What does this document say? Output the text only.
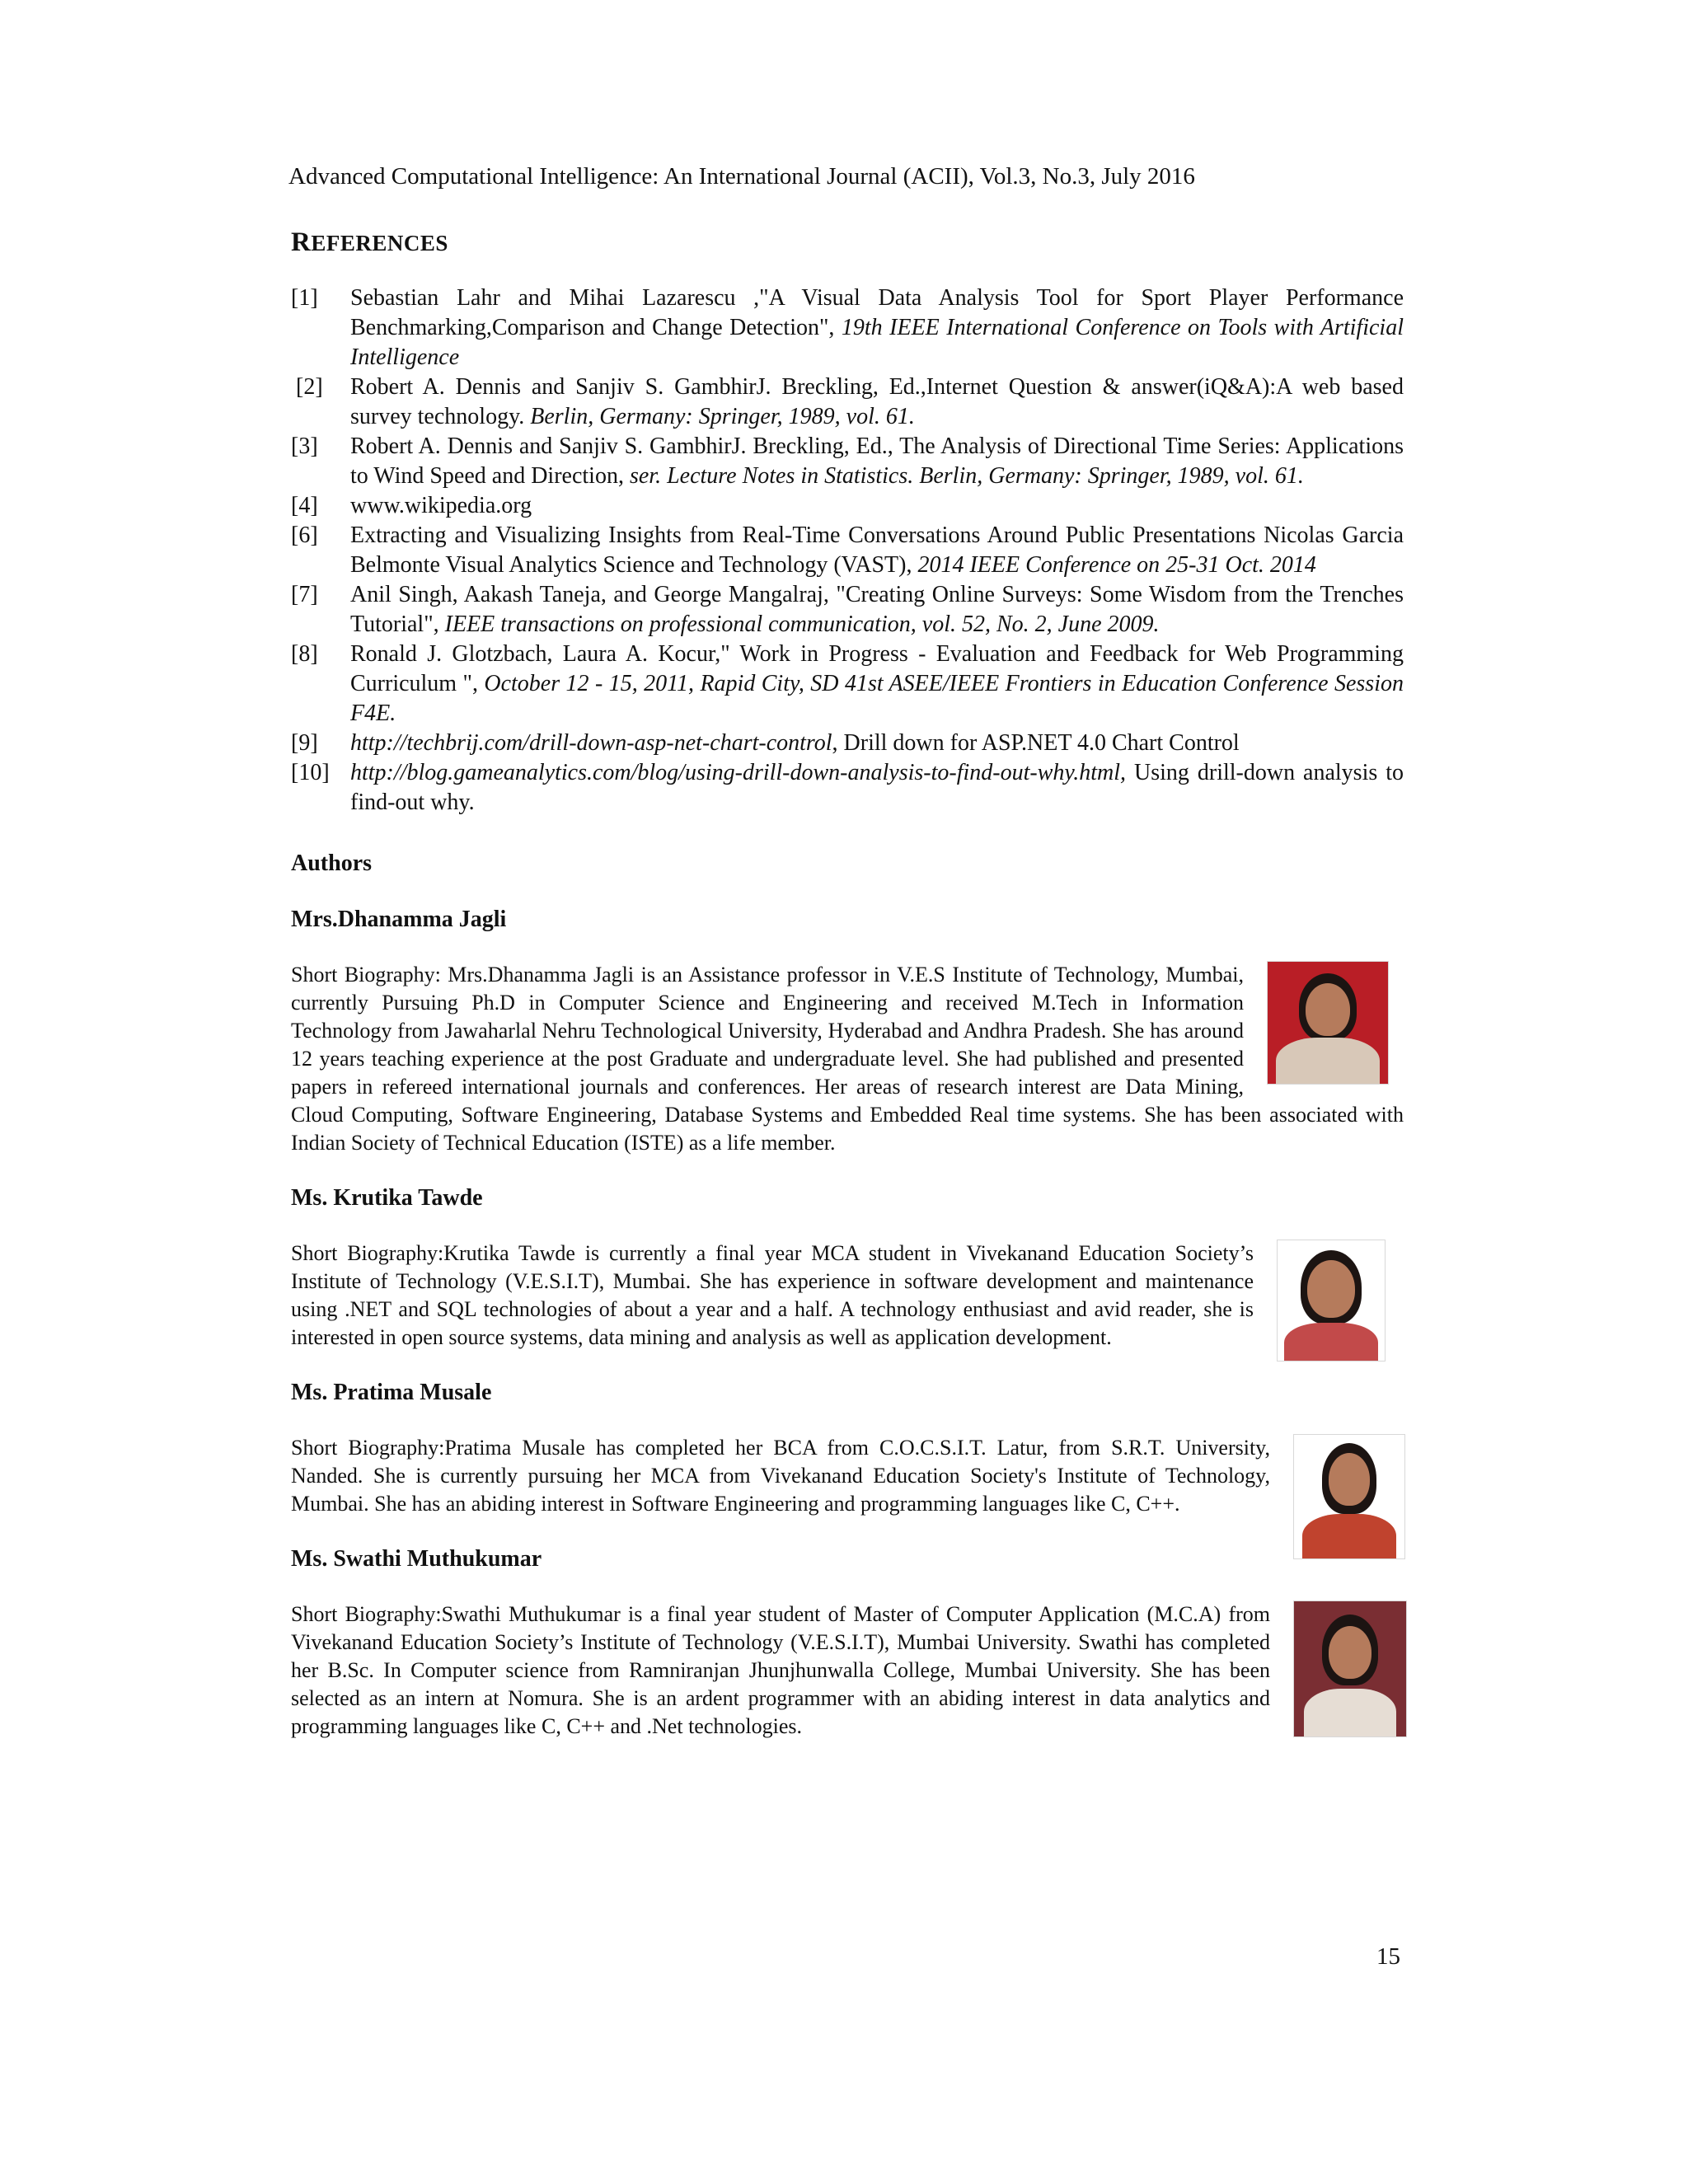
Advanced Computational Intelligence: An International Journal (ACII), Vol.3, No.3, July 2016
REFERENCES
[1] Sebastian Lahr and Mihai Lazarescu ,"A Visual Data Analysis Tool for Sport Player Performance Benchmarking,Comparison and Change Detection", 19th IEEE International Conference on Tools with Artificial Intelligence
[2] Robert A. Dennis and Sanjiv S. GambhirJ. Breckling, Ed.,Internet Question & answer(iQ&A):A web based survey technology. Berlin, Germany: Springer, 1989, vol. 61.
[3] Robert A. Dennis and Sanjiv S. GambhirJ. Breckling, Ed., The Analysis of Directional Time Series: Applications to Wind Speed and Direction, ser. Lecture Notes in Statistics. Berlin, Germany: Springer, 1989, vol. 61.
[4] www.wikipedia.org
[6] Extracting and Visualizing Insights from Real-Time Conversations Around Public Presentations Nicolas Garcia Belmonte Visual Analytics Science and Technology (VAST), 2014 IEEE Conference on 25-31 Oct. 2014
[7] Anil Singh, Aakash Taneja, and George Mangalraj, "Creating Online Surveys: Some Wisdom from the Trenches Tutorial", IEEE transactions on professional communication, vol. 52, No. 2, June 2009.
[8] Ronald J. Glotzbach, Laura A. Kocur," Work in Progress - Evaluation and Feedback for Web Programming Curriculum ", October 12 - 15, 2011, Rapid City, SD 41st ASEE/IEEE Frontiers in Education Conference Session F4E.
[9] http://techbrij.com/drill-down-asp-net-chart-control, Drill down for ASP.NET 4.0 Chart Control
[10] http://blog.gameanalytics.com/blog/using-drill-down-analysis-to-find-out-why.html, Using drill-down analysis to find-out why.
Authors
Mrs.Dhanamma Jagli
Short Biography: Mrs.Dhanamma Jagli is an Assistance professor in V.E.S Institute of Technology, Mumbai, currently Pursuing Ph.D in Computer Science and Engineering and received M.Tech in Information Technology from Jawaharlal Nehru Technological University, Hyderabad and Andhra Pradesh. She has around 12 years teaching experience at the post Graduate and undergraduate level. She had published and presented papers in refereed international journals and conferences. Her areas of research interest are Data Mining, Cloud Computing, Software Engineering, Database Systems and Embedded Real time systems. She has been associated with Indian Society of Technical Education (ISTE) as a life member.
Ms. Krutika Tawde
Short Biography:Krutika Tawde is currently a final year MCA student in Vivekanand Education Society’s Institute of Technology (V.E.S.I.T), Mumbai. She has experience in software development and maintenance using .NET and SQL technologies of about a year and a half. A technology enthusiast and avid reader, she is interested in open source systems, data mining and analysis as well as application development.
Ms. Pratima Musale
Short Biography:Pratima Musale has completed her BCA from C.O.C.S.I.T. Latur, from S.R.T. University, Nanded. She is currently pursuing her MCA from Vivekanand Education Society's Institute of Technology, Mumbai. She has an abiding interest in Software Engineering and programming languages like C, C++.
Ms. Swathi Muthukumar
Short Biography:Swathi Muthukumar is a final year student of Master of Computer Application (M.C.A) from Vivekanand Education Society’s Institute of Technology (V.E.S.I.T), Mumbai University. Swathi has completed her B.Sc. In Computer science from Ramniranjan Jhunjhunwalla College, Mumbai University. She has been selected as an intern at Nomura. She is an ardent programmer with an abiding interest in data analytics and programming languages like C, C++ and .Net technologies.
15
